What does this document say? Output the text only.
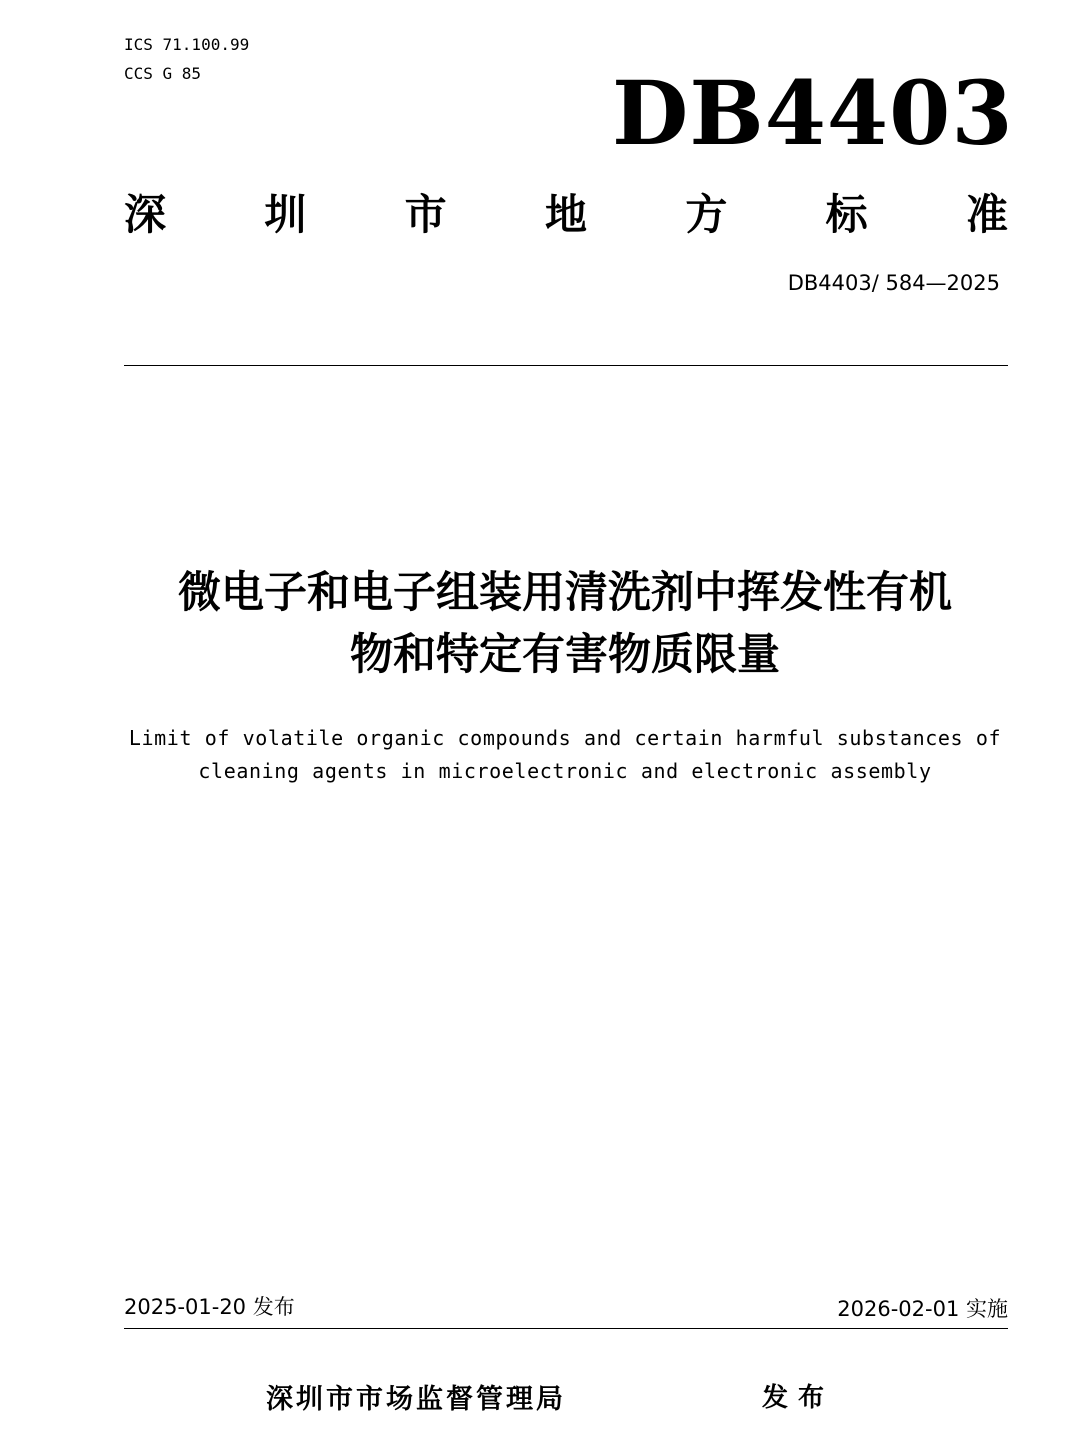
ICS 71.100.99
CCS G 85	DB4403
深 圳 市 地 方 标 准
DB4403/ 584—2025
微电子和电子组装用清洗剂中挥发性有机
物和特定有害物质限量
Limit of volatile organic compounds and certain harmful substances of
cleaning agents in microelectronic and electronic assembly
2025-01-20 发布	2026-02-01 实施
深圳市市场监督管理局	发布
